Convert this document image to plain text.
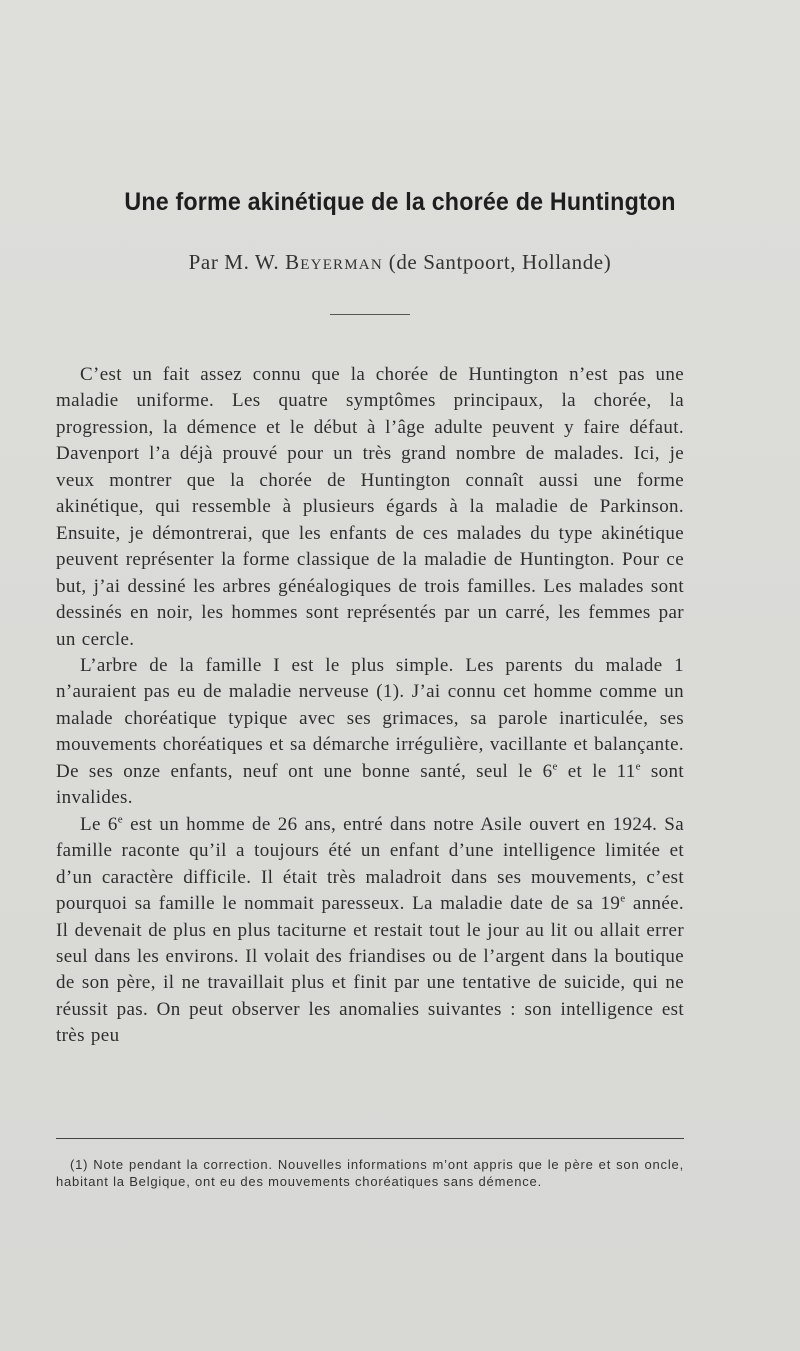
Une forme akinétique de la chorée de Huntington
Par M. W. Beyerman (de Santpoort, Hollande)

C’est un fait assez connu que la chorée de Huntington n’est pas une maladie uniforme. Les quatre symptômes principaux, la chorée, la progression, la démence et le début à l’âge adulte peuvent y faire défaut. Davenport l’a déjà prouvé pour un très grand nombre de malades. Ici, je veux montrer que la chorée de Huntington connaît aussi une forme akinétique, qui ressemble à plusieurs égards à la maladie de Parkinson. Ensuite, je démontrerai, que les enfants de ces malades du type akinétique peuvent représenter la forme classique de la maladie de Huntington. Pour ce but, j’ai dessiné les arbres généalogiques de trois familles. Les malades sont dessinés en noir, les hommes sont représentés par un carré, les femmes par un cercle.

L’arbre de la famille I est le plus simple. Les parents du malade 1 n’auraient pas eu de maladie nerveuse (1). J’ai connu cet homme comme un malade choréatique typique avec ses grimaces, sa parole inarticulée, ses mouvements choréatiques et sa démarche irrégulière, vacillante et balançante. De ses onze enfants, neuf ont une bonne santé, seul le 6e et le 11e sont invalides.

Le 6e est un homme de 26 ans, entré dans notre Asile ouvert en 1924. Sa famille raconte qu’il a toujours été un enfant d’une intelligence limitée et d’un caractère difficile. Il était très maladroit dans ses mouvements, c’est pourquoi sa famille le nommait paresseux. La maladie date de sa 19e année. Il devenait de plus en plus taciturne et restait tout le jour au lit ou allait errer seul dans les environs. Il volait des friandises ou de l’argent dans la boutique de son père, il ne travaillait plus et finit par une tentative de suicide, qui ne réussit pas. On peut observer les anomalies suivantes : son intelligence est très peu

(1) Note pendant la correction. Nouvelles informations m’ont appris que le père et son oncle, habitant la Belgique, ont eu des mouvements choréatiques sans démence.
